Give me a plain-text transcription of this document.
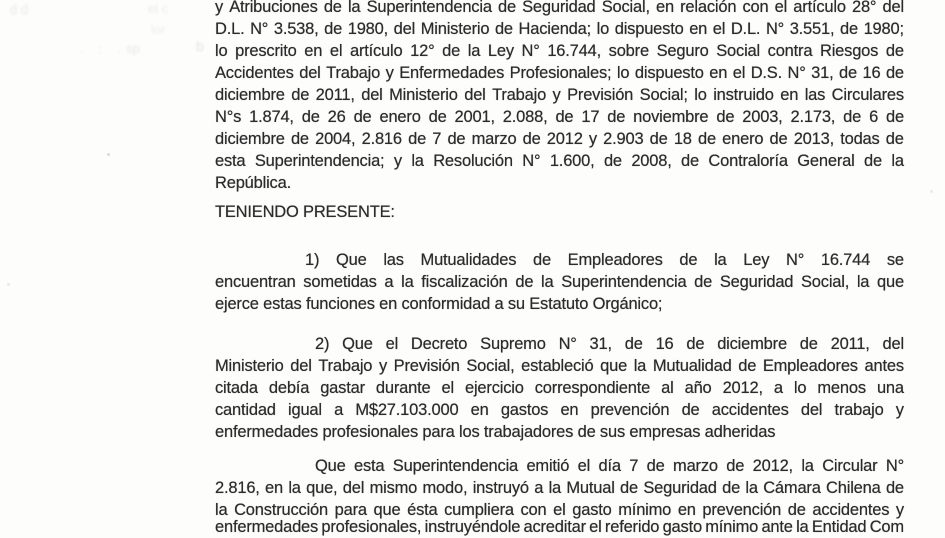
d d
. : . sp	b
el c
lor
y Atribuciones de la Superintendencia de Seguridad Social, en relación con el artículo 28° del
D.L. N° 3.538, de 1980, del Ministerio de Hacienda; lo dispuesto en el D.L. N° 3.551, de 1980;
lo prescrito en el artículo 12° de la Ley N° 16.744, sobre Seguro Social contra Riesgos de
Accidentes del Trabajo y Enfermedades Profesionales; lo dispuesto en el D.S. N° 31, de 16 de
diciembre de 2011, del Ministerio del Trabajo y Previsión Social; lo instruido en las Circulares
N°s 1.874, de 26 de enero de 2001, 2.088, de 17 de noviembre de 2003, 2.173, de 6 de
diciembre de 2004, 2.816 de 7 de marzo de 2012 y 2.903 de 18 de enero de 2013, todas de
esta Superintendencia; y la Resolución N° 1.600, de 2008, de Contraloría General de la
República.
TENIENDO PRESENTE:
1) Que las Mutualidades de Empleadores de la Ley N° 16.744 se
encuentran sometidas a la fiscalización de la Superintendencia de Seguridad Social, la que
ejerce estas funciones en conformidad a su Estatuto Orgánico;
2) Que el Decreto Supremo N° 31, de 16 de diciembre de 2011, del
Ministerio del Trabajo y Previsión Social, estableció que la Mutualidad de Empleadores antes
citada debía gastar durante el ejercicio correspondiente al año 2012, a lo menos una
cantidad igual a M$27.103.000 en gastos en prevención de accidentes del trabajo y
enfermedades profesionales para los trabajadores de sus empresas adheridas
Que esta Superintendencia emitió el día 7 de marzo de 2012, la Circular N°
2.816, en la que, del mismo modo, instruyó a la Mutual de Seguridad de la Cámara Chilena de
la Construcción para que ésta cumpliera con el gasto mínimo en prevención de accidentes y
enfermedades profesionales, instruyéndole acreditar el referido gasto mínimo ante la Entidad Com
